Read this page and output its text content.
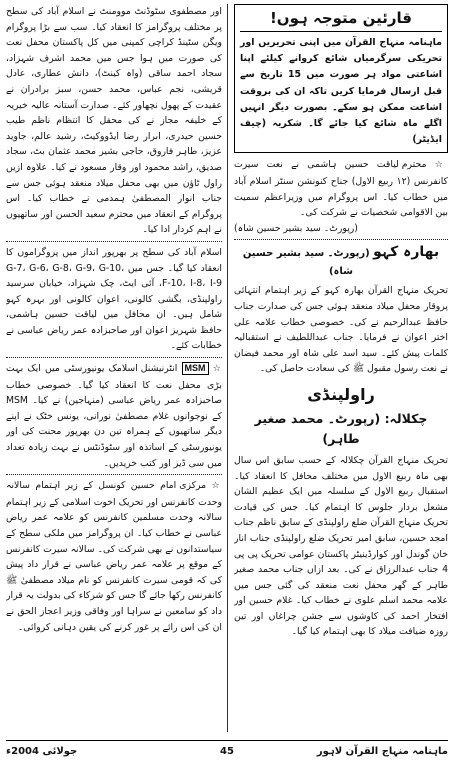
قارئین متوجہ ہوں!
ماہنامہ منہاج القرآن میں اپنی تحریریں اور تحریکی سرگرمیاں شائع کروانے کیلئے اپنا اشاعتی مواد ہر صورت میں 15 تاریخ سے قبل ارسال فرمایا کریں تاکہ ان کی بروقت اشاعت ممکن ہو سکے۔ بصورت دیگر انہیں اگلے ماہ شائع کیا جائے گا۔ شکریہ (چیف ایڈیٹر)

☆ محترم لیاقت حسین ہاشمی نے نعت سیرت کانفرنس (۱۲ ربیع الاول) جناح کنونشن سنٹر اسلام آباد میں خطاب کیا۔ اس پروگرام میں وزیراعظم سمیت بین الاقوامی شخصیات نے شرکت کی۔

(رپورٹ۔ سید بشیر حسین شاہ)

بھارہ کہو (رپورٹ۔ سید بشیر حسین شاہ)

تحریک منہاج القرآن بھارہ کہو کے زیر اہتمام انتہائی پروقار محفل میلاد منعقد ہوئی جس کی صدارت جناب حافظ عبدالرحیم نے کی۔ خصوصی خطاب علامہ علی اختر اعوان نے فرمایا۔ جناب عبداللطیف نے استقبالیہ کلمات پیش کئے۔ سید اسد علی شاہ اور محمد فیضان نے نعت رسول مقبول ﷺ کی سعادت حاصل کی۔

راولپنڈی
چکلالہ: (رپورٹ۔ محمد صغیر طاہر)

تحریک منہاج القرآن چکلالہ کے حسب سابق اس سال بھی ماہ ربیع الاول میں مختلف محافل کا انعقاد کیا۔ استقبال ربیع الاول کے سلسلہ میں ایک عظیم الشان مشعل بردار جلوس کا اہتمام کیا۔ جس کی قیادت تحریک منہاج القرآن ضلع راولپنڈی کے سابق ناظم جناب امجد حسین، سابق امیر تحریک ضلع راولپنڈی جناب انار خان گوندل اور کوارڈینیٹر پاکستان عوامی تحریک پی پی 4 جناب عبدالرزاق نے کی۔ بعد ازاں جناب محمد صغیر طاہر کے گھر محفل نعت منعقد کی گئی جس میں علامہ محمد اسلم علوی نے خطاب کیا۔ غلام حسین اور افتخار احمد کی کاوشوں سے جشن چراغاں اور تین روزہ ضیافت میلاد کا بھی اہتمام کیا گیا۔

اور مصطفوی سٹوڈنٹ موومنٹ نے اسلام آباد کی سطح پر مختلف پروگرامز کا انعقاد کیا۔ سب سے بڑا پروگرام ویگن سٹینڈ کراچی کمپنی میں کل پاکستان محفل نعت کی صورت میں ہوا جس میں محمد اشرف شہزاد، سجاد احمد ساقی (واہ کینٹ)، دانش عطاری، عادل قریشی، نجم عباس، محمد حسن، سبز برادران نے عقیدت کے پھول نچھاور کئے۔ صدارت آستانہ عالیہ خیریہ کے خلیفہ مجاز نے کی محفل کا انتظام ناظم طیب حسین حیدری، ابرار رضا ایڈووکیٹ، رشید عالم، جاوید عزیز، طاہر فاروق، حاجی بشیر محمد عثمان بٹ، سجاد صدیق، راشد محمود اور وقار مسعود نے کیا۔ علاوہ ازیں راول ٹاؤن میں بھی محفل میلاد منعقد ہوئی جس سے جناب انوار المصطفیٰ ہمدمی نے خطاب کیا۔ اس پروگرام کے انعقاد میں محترم سعید الحسن اور ساتھیوں نے اہم کردار ادا کیا۔

اسلام آباد کی سطح پر بھرپور انداز میں پروگراموں کا انعقاد کیا گیا۔ جس میں G-7، G-6، G-8، G-9، G-10، F-10، I-8، I-9، آئی ایٹ، چک شہزاد، خیابان سرسید راولپنڈی، بگشی کالونی، اعوان کالونی اور بہرہ کہو شامل ہیں۔ ان محافل میں لیاقت حسین ہاشمی، حافظ شہریز اعوان اور صاحبزادہ عمر ریاض عباسی نے خطابات کئے۔

☆ MSM انٹرنیشنل اسلامک یونیورسٹی میں ایک بہت بڑی محفل نعت کا انعقاد کیا گیا۔ خصوصی خطاب صاحبزادہ عمر ریاض عباسی (منہاجین) نے کیا۔ MSM کے نوجوانوں غلام مصطفیٰ نورانی، یونس خٹک نے اپنے دیگر ساتھیوں کے ہمراہ تین دن بھرپور محنت کی اور یونیورسٹی کے اساتذہ اور سٹوڈنٹس نے بہت زیادہ تعداد میں سی ڈیز اور کتب خریدیں۔

☆ مرکزی امام حسین کونسل کے زیر اہتمام سالانہ وحدت کانفرنس اور تحریک اخوت اسلامی کے زیر اہتمام سالانہ وحدت مسلمین کانفرنس کو علامہ عمر ریاض عباسی نے خطاب کیا۔ ان پروگرامز میں ملکی سطح کے سیاستدانوں نے بھی شرکت کی۔ سالانہ سیرت کانفرنس کے موقع پر علامہ عمر ریاض عباسی نے قرار داد پیش کی کہ قومی سیرت کانفرنس کو نام میلاد مصطفیٰ ﷺ کانفرنس رکھا جائے گا جس کو شرکاء کی بدولت یہ قرار داد کو سامعین نے سراہا اور وفاقی وزیر اعجاز الحق نے ان کی اس رائے پر غور کرنے کی یقین دہانی کروائی۔

ماہنامہ منہاج القرآن لاہور
جولائی 2004ء	45
